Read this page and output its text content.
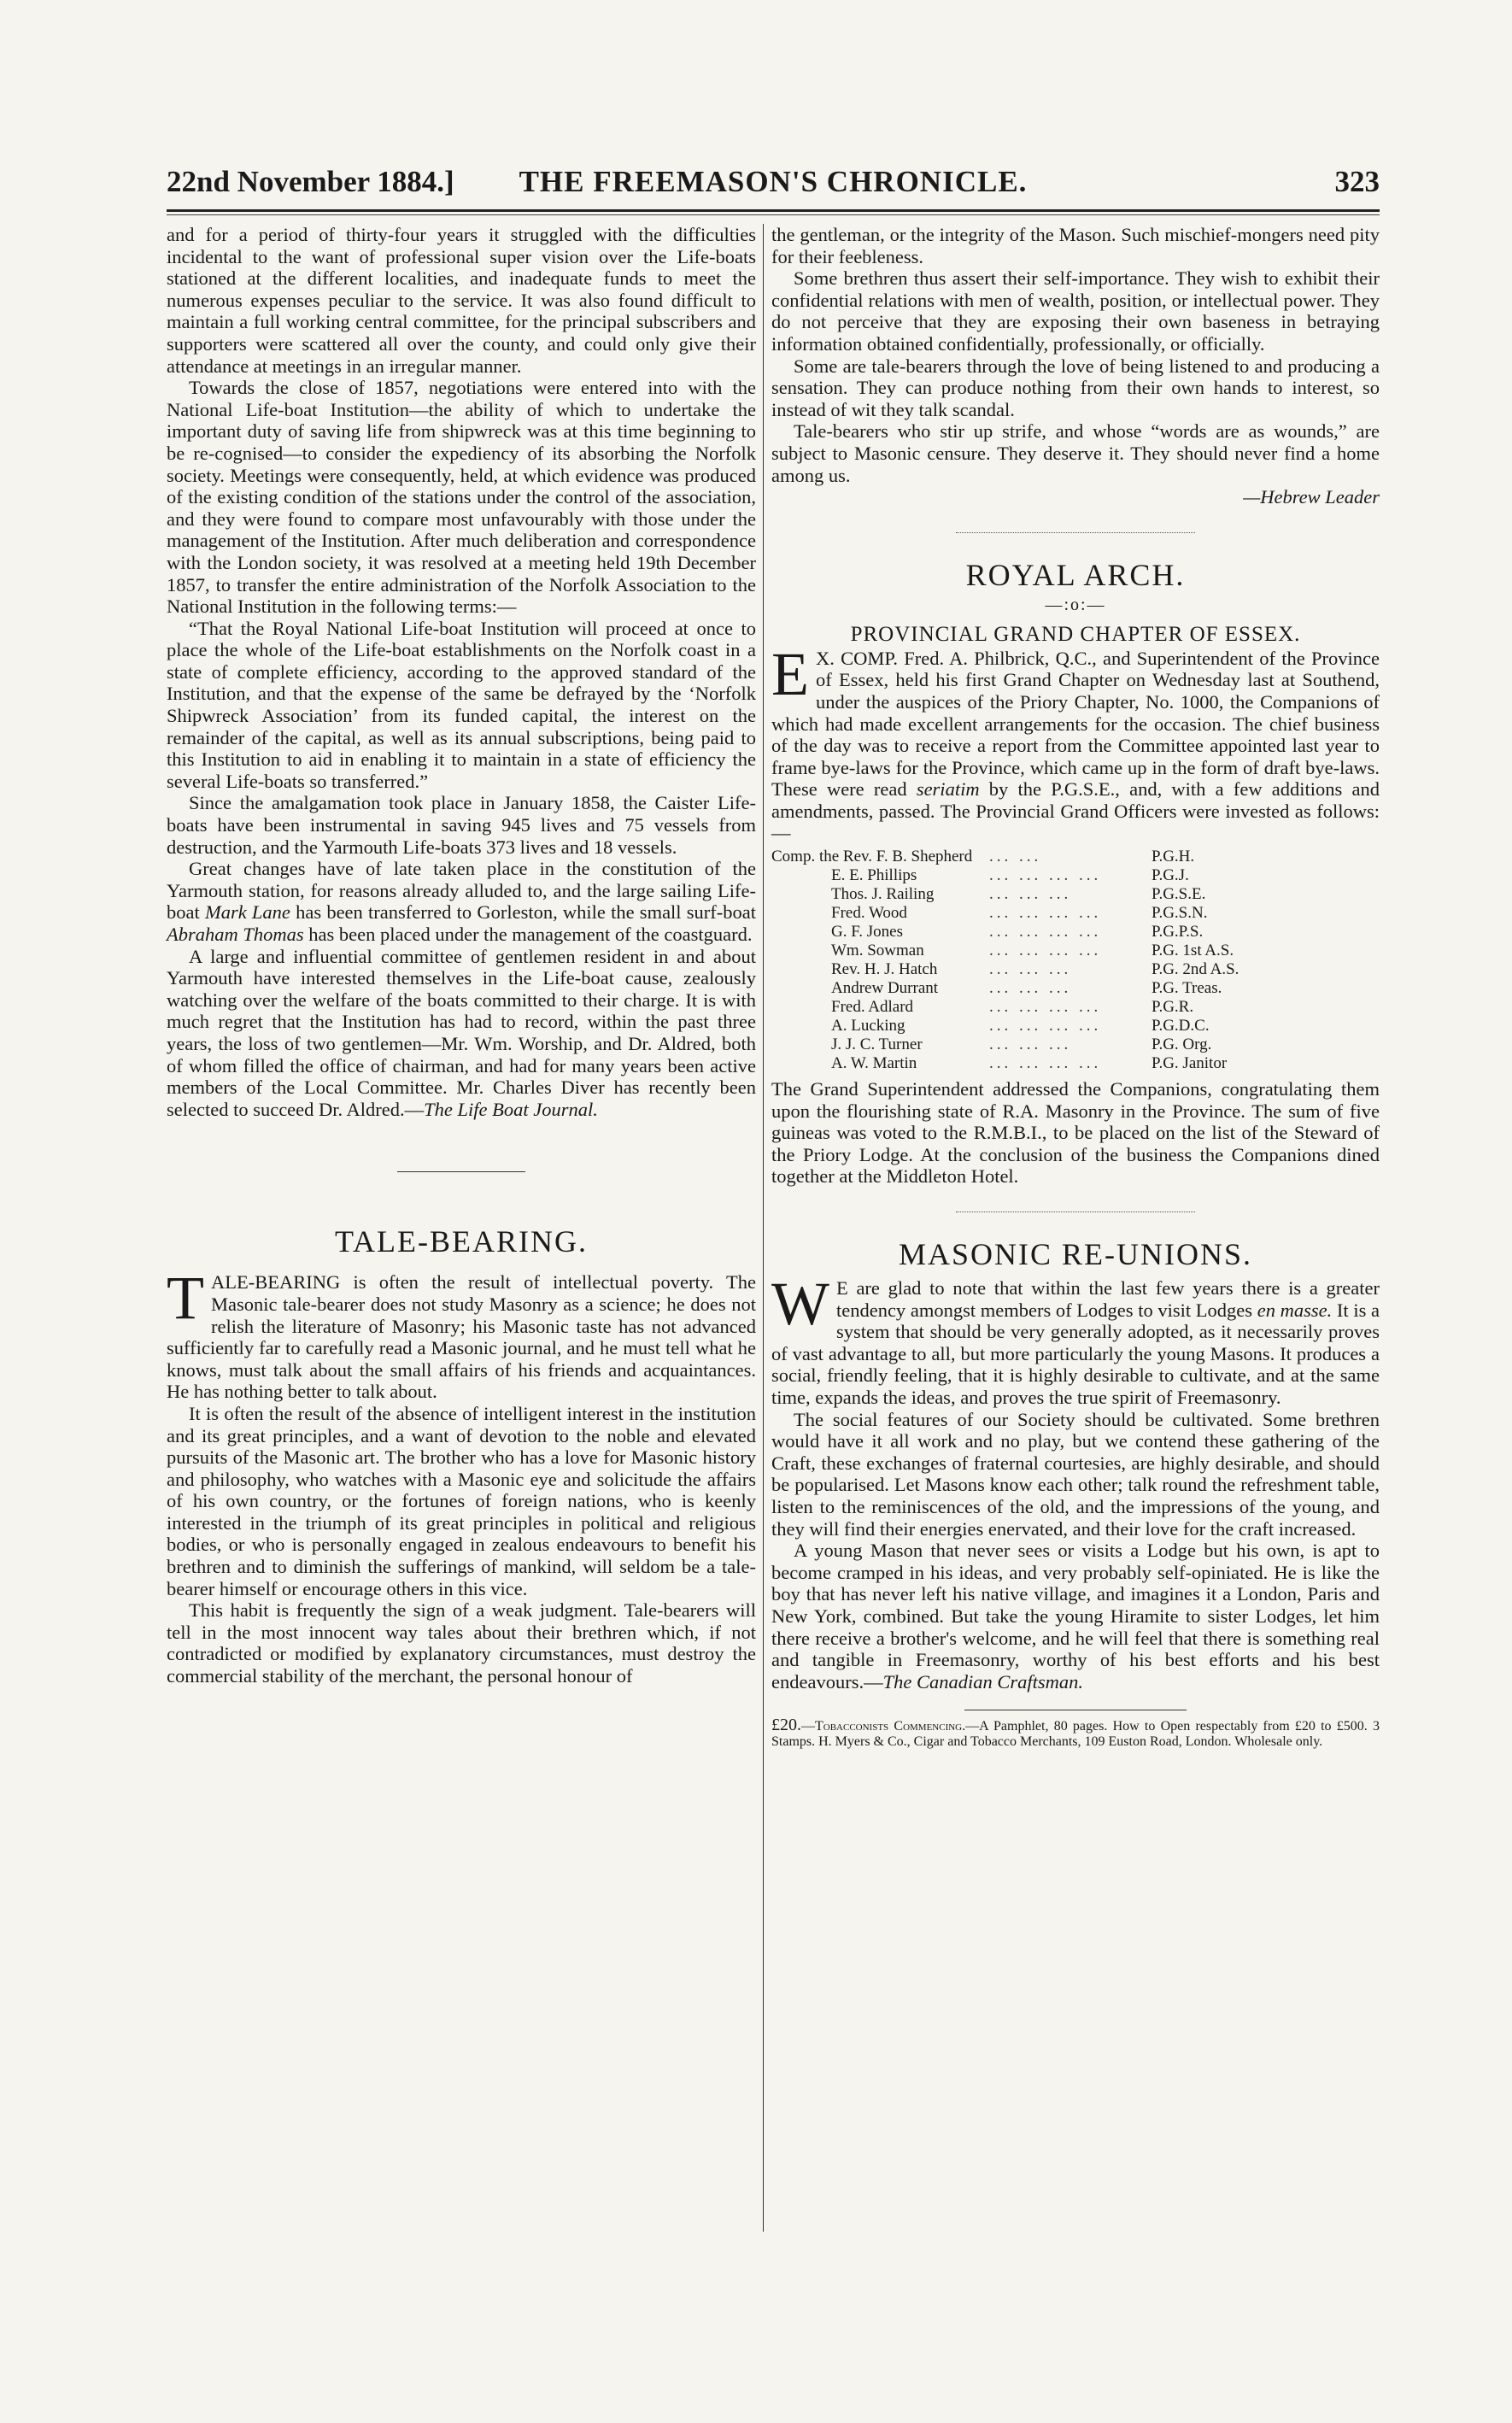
22nd November 1884.]	THE FREEMASON'S CHRONICLE.	323

and for a period of thirty-four years it struggled with the difficulties incidental to the want of professional super vision over the Life-boats stationed at the different localities, and inadequate funds to meet the numerous expenses peculiar to the service. It was also found difficult to maintain a full working central committee, for the principal subscribers and supporters were scattered all over the county, and could only give their attendance at meetings in an irregular manner.

Towards the close of 1857, negotiations were entered into with the National Life-boat Institution—the ability of which to undertake the important duty of saving life from shipwreck was at this time beginning to be re-cognised—to consider the expediency of its absorbing the Norfolk society. Meetings were consequently, held, at which evidence was produced of the existing condition of the stations under the control of the association, and they were found to compare most unfavourably with those under the management of the Institution. After much deliberation and correspondence with the London society, it was resolved at a meeting held 19th December 1857, to transfer the entire administration of the Norfolk Association to the National Institution in the following terms:—

“That the Royal National Life-boat Institution will proceed at once to place the whole of the Life-boat establishments on the Norfolk coast in a state of complete efficiency, according to the approved standard of the Institution, and that the expense of the same be defrayed by the ‘Norfolk Shipwreck Association’ from its funded capital, the interest on the remainder of the capital, as well as its annual subscriptions, being paid to this Institution to aid in enabling it to maintain in a state of efficiency the several Life-boats so transferred.”

Since the amalgamation took place in January 1858, the Caister Life-boats have been instrumental in saving 945 lives and 75 vessels from destruction, and the Yarmouth Life-boats 373 lives and 18 vessels.

Great changes have of late taken place in the constitution of the Yarmouth station, for reasons already alluded to, and the large sailing Life-boat Mark Lane has been transferred to Gorleston, while the small surf-boat Abraham Thomas has been placed under the management of the coastguard.

A large and influential committee of gentlemen resident in and about Yarmouth have interested themselves in the Life-boat cause, zealously watching over the welfare of the boats committed to their charge. It is with much regret that the Institution has had to record, within the past three years, the loss of two gentlemen—Mr. Wm. Worship, and Dr. Aldred, both of whom filled the office of chairman, and had for many years been active members of the Local Committee. Mr. Charles Diver has recently been selected to succeed Dr. Aldred.—The Life Boat Journal.

TALE-BEARING.

TALE-BEARING is often the result of intellectual poverty. The Masonic tale-bearer does not study Masonry as a science; he does not relish the literature of Masonry; his Masonic taste has not advanced sufficiently far to carefully read a Masonic journal, and he must tell what he knows, must talk about the small affairs of his friends and acquaintances. He has nothing better to talk about.

It is often the result of the absence of intelligent interest in the institution and its great principles, and a want of devotion to the noble and elevated pursuits of the Masonic art. The brother who has a love for Masonic history and philosophy, who watches with a Masonic eye and solicitude the affairs of his own country, or the fortunes of foreign nations, who is keenly interested in the triumph of its great principles in political and religious bodies, or who is personally engaged in zealous endeavours to benefit his brethren and to diminish the sufferings of mankind, will seldom be a tale-bearer himself or encourage others in this vice.

This habit is frequently the sign of a weak judgment. Tale-bearers will tell in the most innocent way tales about their brethren which, if not contradicted or modified by explanatory circumstances, must destroy the commercial stability of the merchant, the personal honour of

the gentleman, or the integrity of the Mason. Such mischief-mongers need pity for their feebleness.

Some brethren thus assert their self-importance. They wish to exhibit their confidential relations with men of wealth, position, or intellectual power. They do not perceive that they are exposing their own baseness in betraying information obtained confidentially, professionally, or officially.

Some are tale-bearers through the love of being listened to and producing a sensation. They can produce nothing from their own hands to interest, so instead of wit they talk scandal.

Tale-bearers who stir up strife, and whose “words are as wounds,” are subject to Masonic censure. They deserve it. They should never find a home among us.

—Hebrew Leader

ROYAL ARCH.
—:o:—
PROVINCIAL GRAND CHAPTER OF ESSEX.

E X. COMP. Fred. A. Philbrick, Q.C., and Superintendent of the Province of Essex, held his first Grand Chapter on Wednesday last at Southend, under the auspices of the Priory Chapter, No. 1000, the Companions of which had made excellent arrangements for the occasion. The chief business of the day was to receive a report from the Committee appointed last year to frame bye-laws for the Province, which came up in the form of draft bye-laws. These were read seriatim by the P.G.S.E., and, with a few additions and amendments, passed. The Provincial Grand Officers were invested as follows:—

Comp. the Rev. F. B. Shepherd	... ...	P.G.H.
E. E. Phillips	... ... ... ...	P.G.J.
Thos. J. Railing	... ... ...	P.G.S.E.
Fred. Wood	... ... ... ...	P.G.S.N.
G. F. Jones	... ... ... ...	P.G.P.S.
Wm. Sowman	... ... ... ...	P.G. 1st A.S.
Rev. H. J. Hatch	... ... ...	P.G. 2nd A.S.
Andrew Durrant	... ... ...	P.G. Treas.
Fred. Adlard	... ... ... ...	P.G.R.
A. Lucking	... ... ... ...	P.G.D.C.
J. J. C. Turner	... ... ...	P.G. Org.
A. W. Martin	... ... ... ...	P.G. Janitor

The Grand Superintendent addressed the Companions, congratulating them upon the flourishing state of R.A. Masonry in the Province. The sum of five guineas was voted to the R.M.B.I., to be placed on the list of the Steward of the Priory Lodge. At the conclusion of the business the Companions dined together at the Middleton Hotel.

MASONIC RE-UNIONS.

W E are glad to note that within the last few years there is a greater tendency amongst members of Lodges to visit Lodges en masse. It is a system that should be very generally adopted, as it necessarily proves of vast advantage to all, but more particularly the young Masons. It produces a social, friendly feeling, that it is highly desirable to cultivate, and at the same time, expands the ideas, and proves the true spirit of Freemasonry.

The social features of our Society should be cultivated. Some brethren would have it all work and no play, but we contend these gathering of the Craft, these exchanges of fraternal courtesies, are highly desirable, and should be popularised. Let Masons know each other; talk round the refreshment table, listen to the reminiscences of the old, and the impressions of the young, and they will find their energies enervated, and their love for the craft increased.

A young Mason that never sees or visits a Lodge but his own, is apt to become cramped in his ideas, and very probably self-opiniated. He is like the boy that has never left his native village, and imagines it a London, Paris and New York, combined. But take the young Hiramite to sister Lodges, let him there receive a brother's welcome, and he will feel that there is something real and tangible in Freemasonry, worthy of his best efforts and his best endeavours.—The Canadian Craftsman.

£20.—Tobacconists Commencing.—A Pamphlet, 80 pages. How to Open respectably from £20 to £500. 3 Stamps. H. Myers & Co., Cigar and Tobacco Merchants, 109 Euston Road, London. Wholesale only.
